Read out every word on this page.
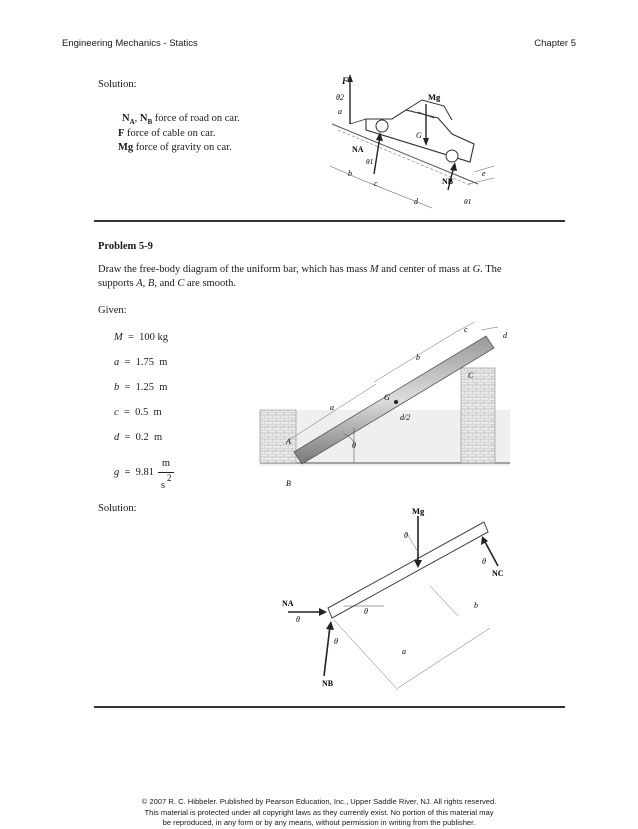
Engineering Mechanics - Statics	Chapter 5
Solution:
$N_A$, $N_B$ force of road on car.
F force of cable on car.
Mg force of gravity on car.
F
θ2
a
Mg
NA
θ1
G
NB
θ1
b
c
d
e
Problem 5-9
Draw the free-body diagram of the uniform bar, which has mass M and center of mass at G. The
supports A, B, and C are smooth.
Given:
M = 100 kg
a = 1.75 m
b = 1.25 m
c = 0.5 m
d = 0.2 m
g = 9.81
m
s
2
c
d
b
C
a
G
d/2
A	θ
B
Solution:	Mg
θ
θ
NC
NA
θ
θ
b
θ
a
NB
© 2007 R. C. Hibbeler. Published by Pearson Education, Inc., Upper Saddle River, NJ. All rights reserved.
This material is protected under all copyright laws as they currently exist. No portion of this material may
be reproduced, in any form or by any means, without permission in writing from the publisher.
